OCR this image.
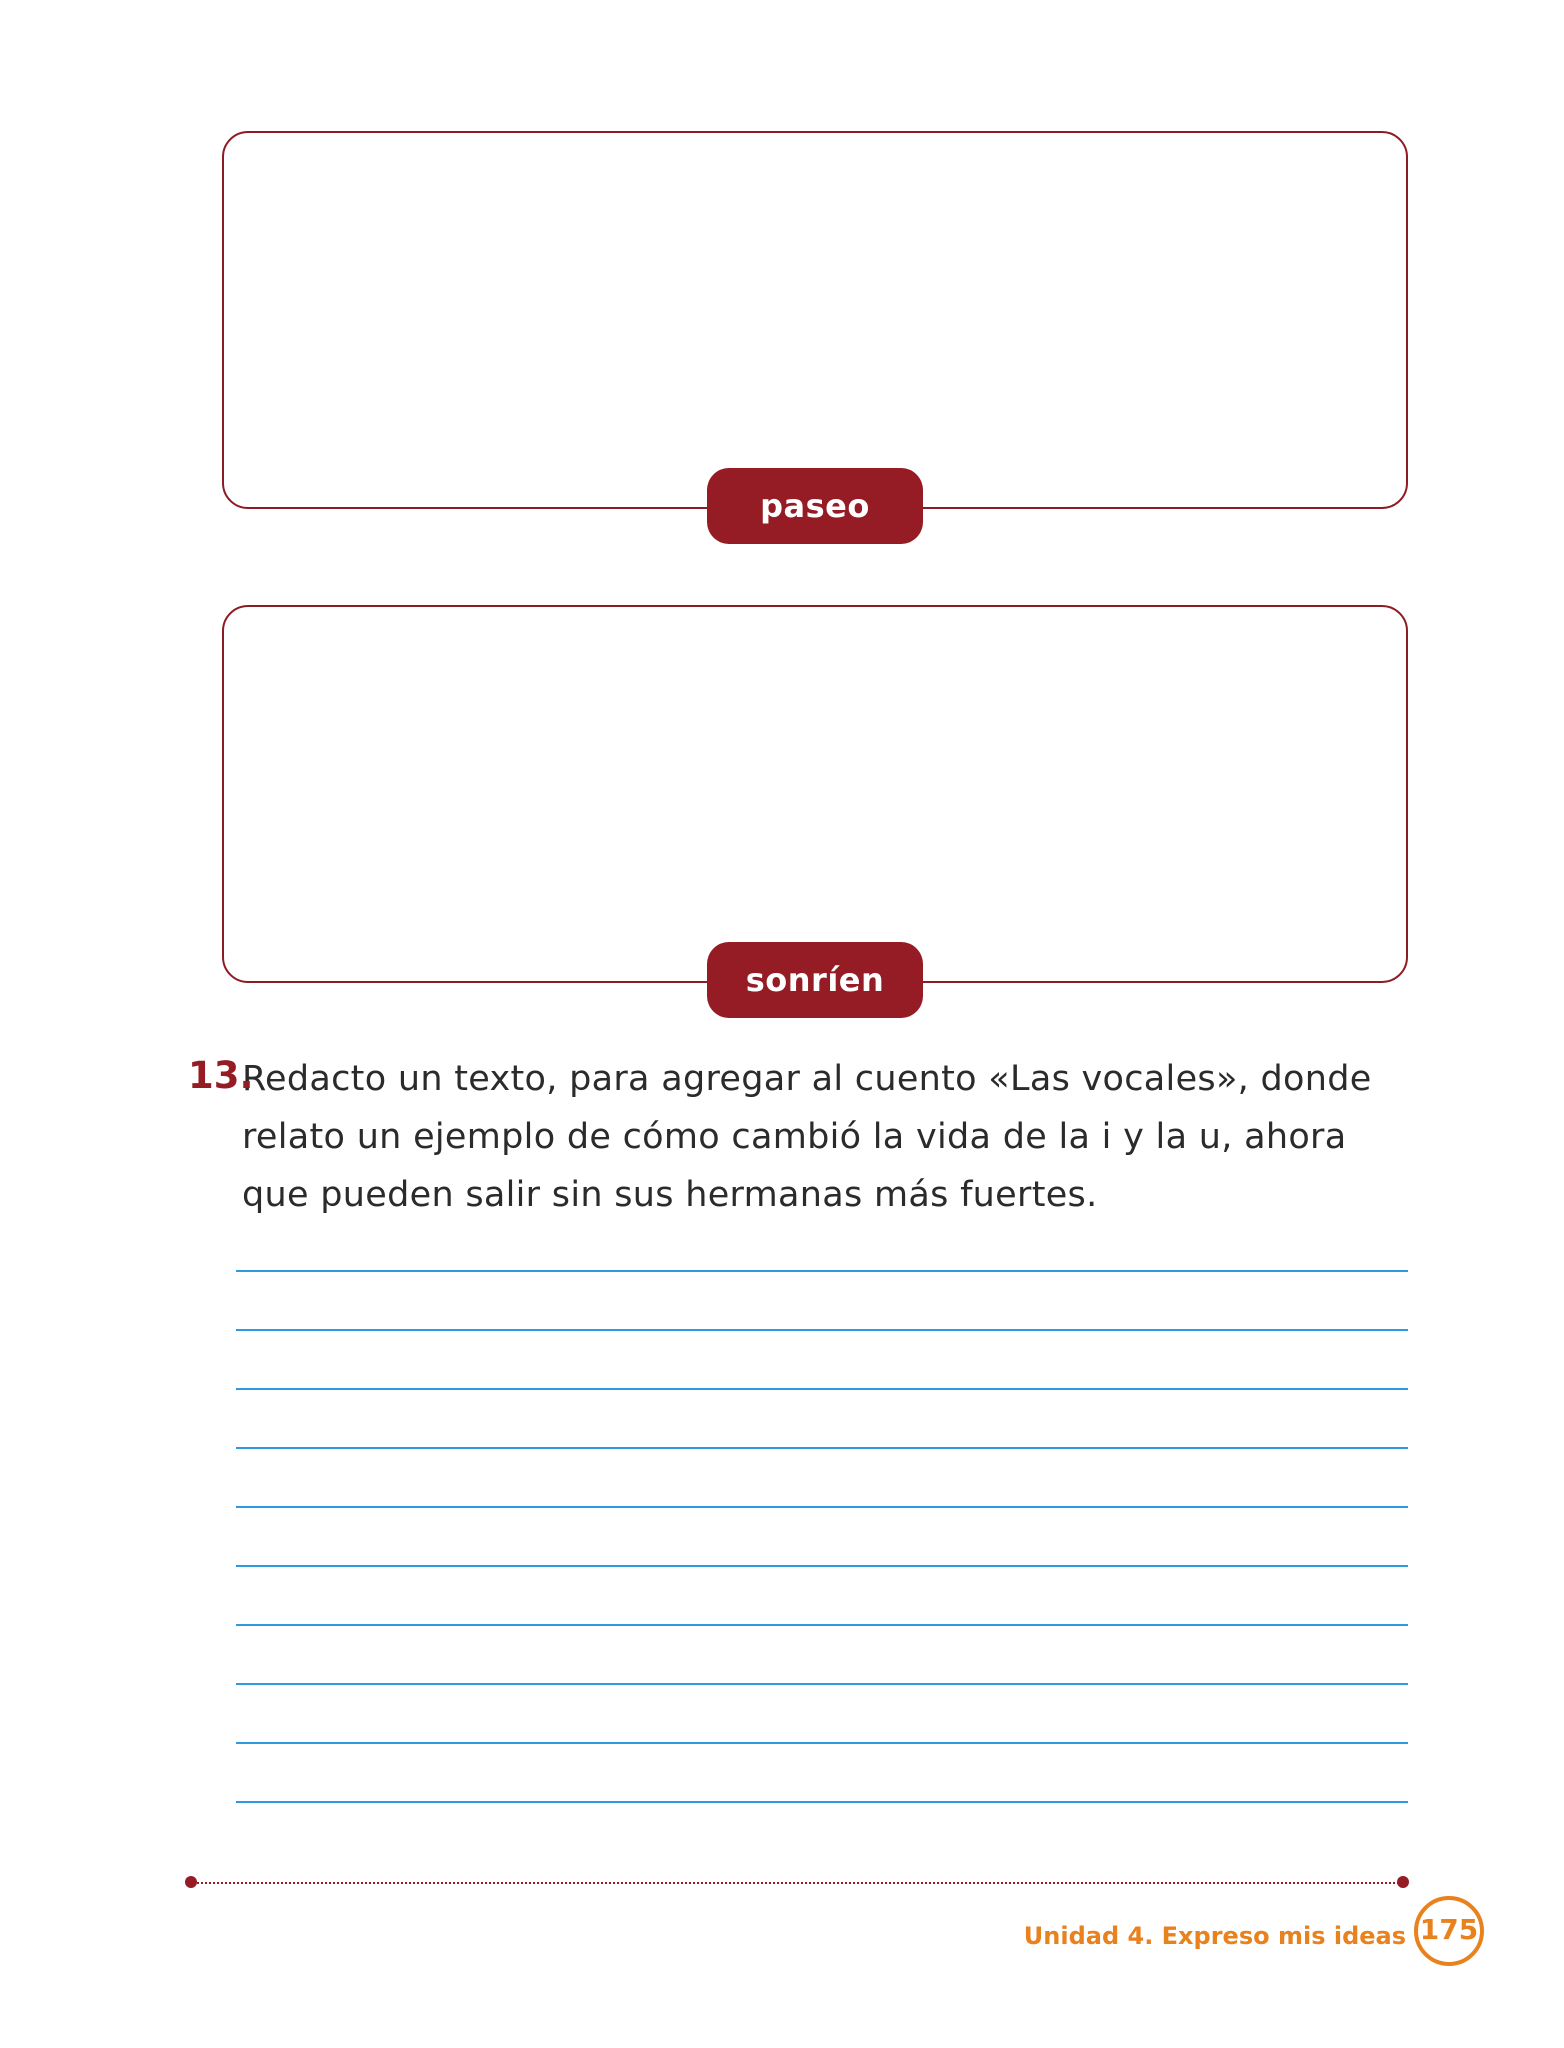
paseo
sonríen
13.
Redacto un texto, para agregar al cuento «Las vocales», donde relato un ejemplo de cómo cambió la vida de la i y la u, ahora que pueden salir sin sus hermanas más fuertes.
Unidad 4. Expreso mis ideas 175
